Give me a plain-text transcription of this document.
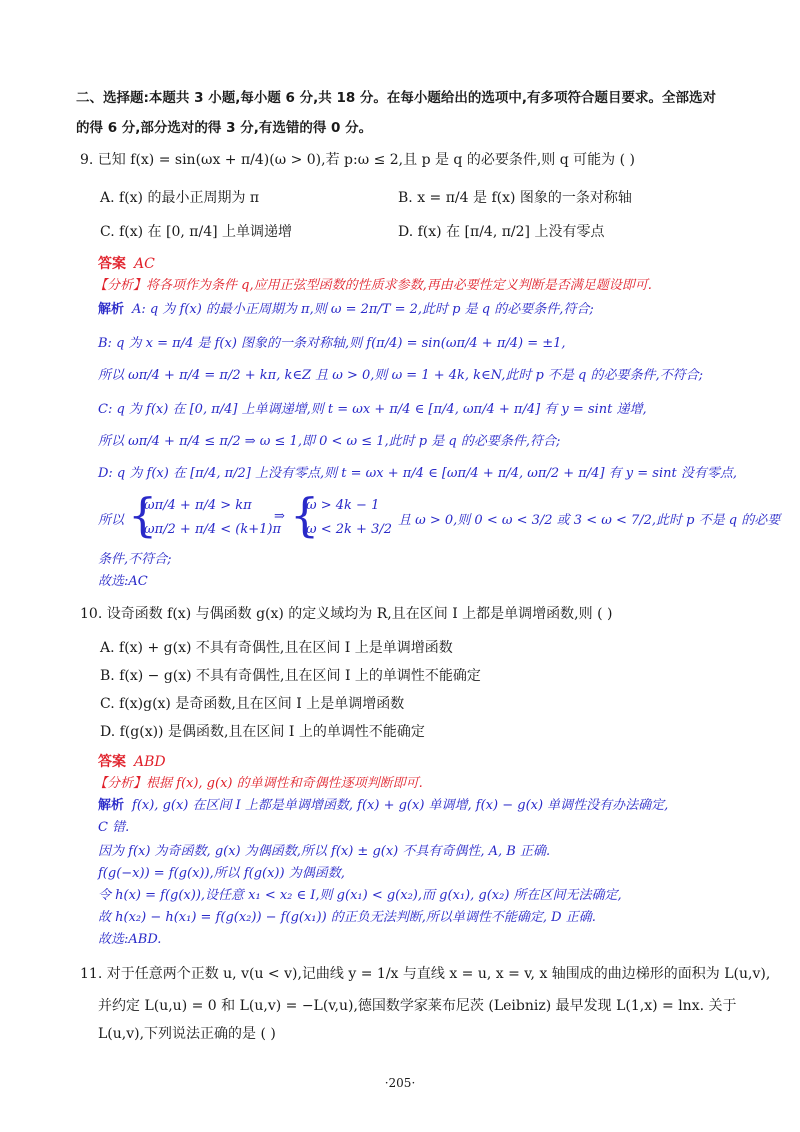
二、选择题:本题共 3 小题,每小题 6 分,共 18 分。在每小题给出的选项中,有多项符合题目要求。全部选对
的得 6 分,部分选对的得 3 分,有选错的得 0 分。
9. 已知 f(x) = sin(ωx + π/4)(ω > 0),若 p:ω ≤ 2,且 p 是 q 的必要条件,则 q 可能为 ( )
A. f(x) 的最小正周期为 π	B. x = π/4 是 f(x) 图象的一条对称轴
C. f(x) 在 [0, π/4] 上单调递增	D. f(x) 在 [π/4, π/2] 上没有零点
答案 AC
【分析】将各项作为条件 q,应用正弦型函数的性质求参数,再由必要性定义判断是否满足题设即可.
解析 A: q 为 f(x) 的最小正周期为 π,则 ω = 2π/T = 2,此时 p 是 q 的必要条件,符合;
B: q 为 x = π/4 是 f(x) 图象的一条对称轴,则 f(π/4) = sin(ωπ/4 + π/4) = ±1,
所以 ωπ/4 + π/4 = π/2 + kπ, k∈Z 且 ω > 0,则 ω = 1 + 4k, k∈N,此时 p 不是 q 的必要条件,不符合;
C: q 为 f(x) 在 [0, π/4] 上单调递增,则 t = ωx + π/4 ∈ [π/4, ωπ/4 + π/4] 有 y = sint 递增,
所以 ωπ/4 + π/4 ≤ π/2 ⇒ ω ≤ 1,即 0 < ω ≤ 1,此时 p 是 q 的必要条件,符合;
D: q 为 f(x) 在 [π/4, π/2] 上没有零点,则 t = ωx + π/4 ∈ [ωπ/4 + π/4, ωπ/2 + π/4] 有 y = sint 没有零点,
所以 {
ωπ/4 + π/4 > kπ
ωπ/2 + π/4 < (k+1)π
⇒ {
ω > 4k − 1
ω < 2k + 3/2
且 ω > 0,则 0 < ω < 3/2 或 3 < ω < 7/2,此时 p 不是 q 的必要
条件,不符合;
故选:AC
10. 设奇函数 f(x) 与偶函数 g(x) 的定义域均为 R,且在区间 I 上都是单调增函数,则 ( )
A. f(x) + g(x) 不具有奇偶性,且在区间 I 上是单调增函数
B. f(x) − g(x) 不具有奇偶性,且在区间 I 上的单调性不能确定
C. f(x)g(x) 是奇函数,且在区间 I 上是单调增函数
D. f(g(x)) 是偶函数,且在区间 I 上的单调性不能确定
答案 ABD
【分析】根据 f(x), g(x) 的单调性和奇偶性逐项判断即可.
解析 f(x), g(x) 在区间 I 上都是单调增函数, f(x) + g(x) 单调增, f(x) − g(x) 单调性没有办法确定,
C 错.
因为 f(x) 为奇函数, g(x) 为偶函数,所以 f(x) ± g(x) 不具有奇偶性, A, B 正确.
f(g(−x)) = f(g(x)),所以 f(g(x)) 为偶函数,
令 h(x) = f(g(x)),设任意 x₁ < x₂ ∈ I,则 g(x₁) < g(x₂),而 g(x₁), g(x₂) 所在区间无法确定,
故 h(x₂) − h(x₁) = f(g(x₂)) − f(g(x₁)) 的正负无法判断,所以单调性不能确定, D 正确.
故选:ABD.
11. 对于任意两个正数 u, v(u < v),记曲线 y = 1/x 与直线 x = u, x = v, x 轴围成的曲边梯形的面积为 L(u,v),
并约定 L(u,u) = 0 和 L(u,v) = −L(v,u),德国数学家莱布尼茨 (Leibniz) 最早发现 L(1,x) = lnx. 关于
L(u,v),下列说法正确的是 ( )
·205·
